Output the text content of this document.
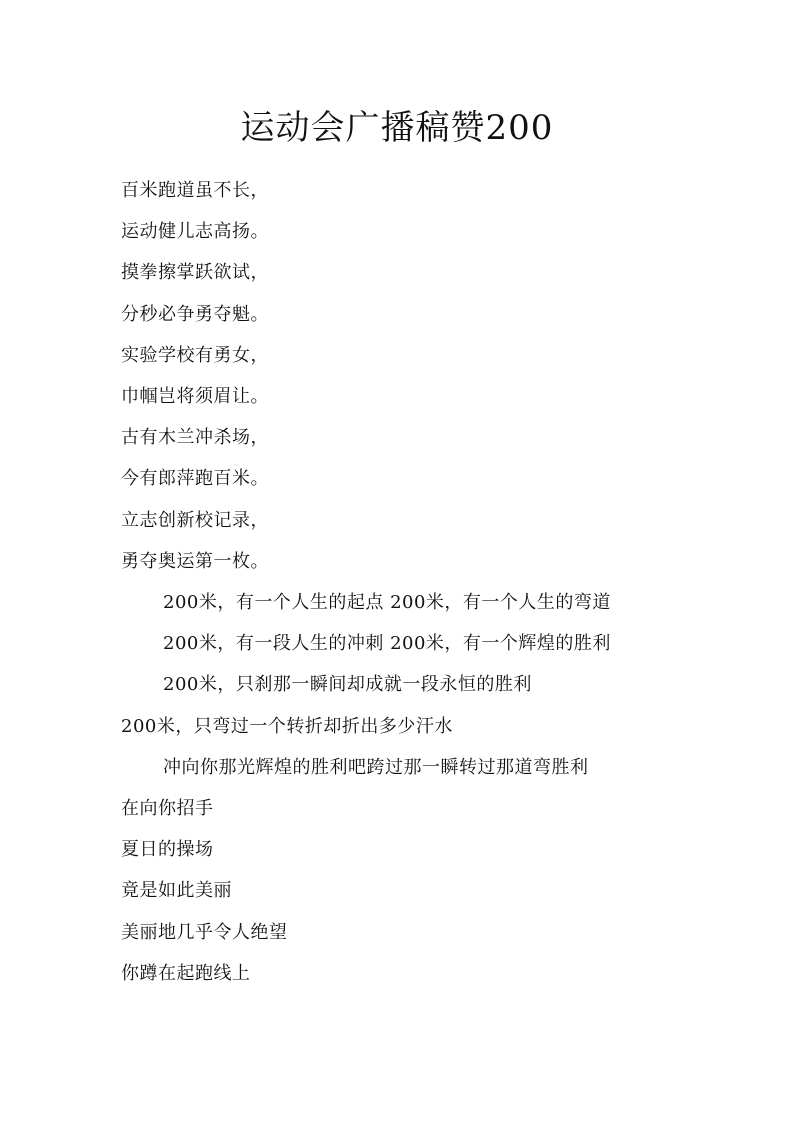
运动会广播稿赞200
百米跑道虽不长，
运动健儿志高扬。
摸拳擦掌跃欲试，
分秒必争勇夺魁。
实验学校有勇女，
巾帼岂将须眉让。
古有木兰冲杀场，
今有郎萍跑百米。
立志创新校记录，
勇夺奥运第一枚。
200米，有一个人生的起点 200米，有一个人生的弯道
200米，有一段人生的冲刺 200米，有一个辉煌的胜利
200米，只刹那一瞬间却成就一段永恒的胜利
200米，只弯过一个转折却折出多少汗水
冲向你那光辉煌的胜利吧跨过那一瞬转过那道弯胜利
在向你招手
夏日的操场
竟是如此美丽
美丽地几乎令人绝望
你蹲在起跑线上
